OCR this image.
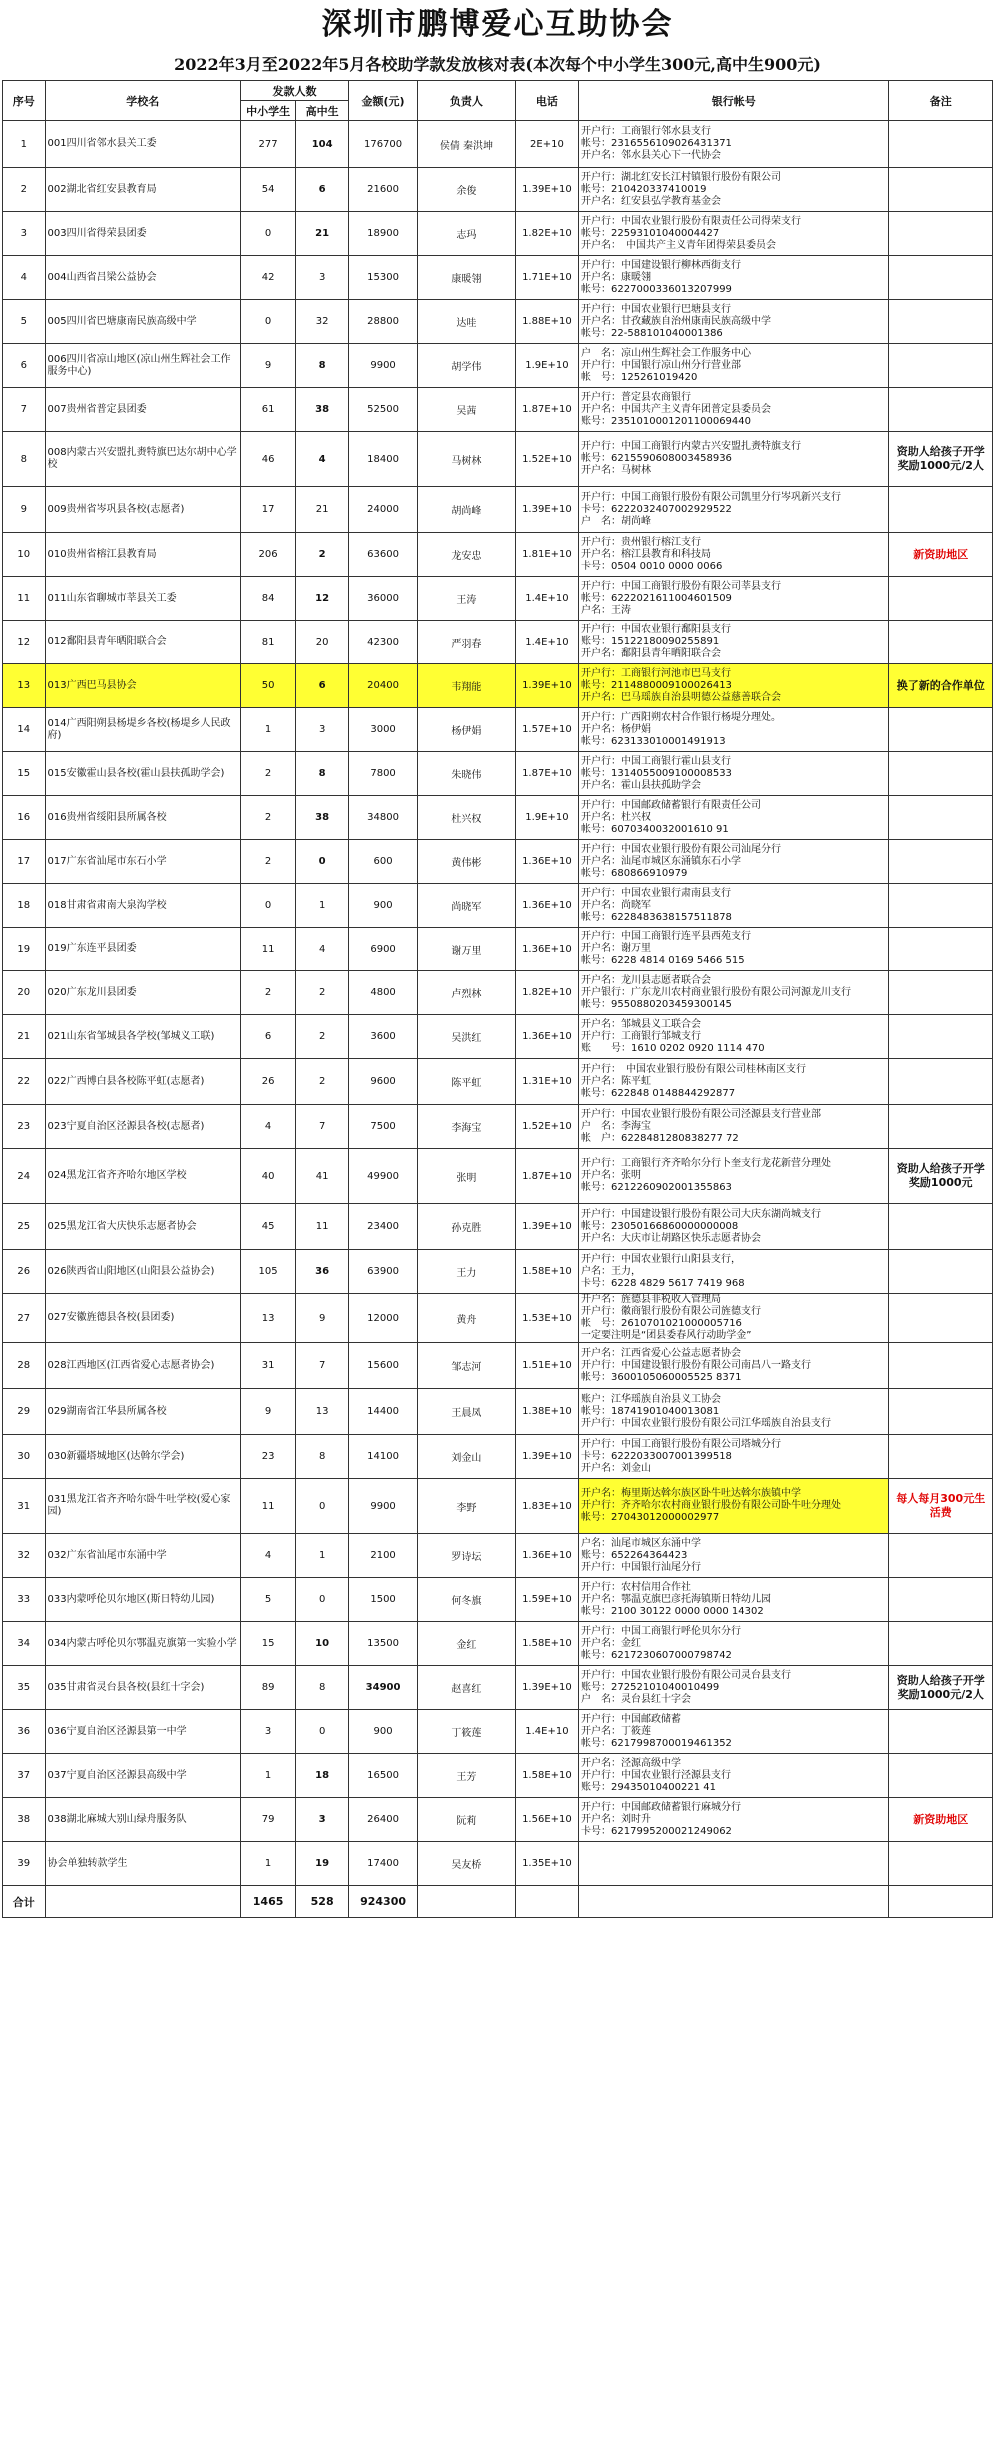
深圳市鹏博爱心互助协会
2022年3月至2022年5月各校助学款发放核对表(本次每个中小学生300元,高中生900元)
序号	学校名	发款人数		金额(元)	负责人	电话	银行帐号	备注
		中小学生	高中生					

1	001四川省邻水县关工委	277	104	176700	侯倩 秦洪坤	2E+10	开户行：工商银行邻水县支行
帐号：2316556109026431371
开户名：邻水县关心下一代协会	

2	002湖北省红安县教育局	54	6	21600	余俊	1.39E+10	开户行：湖北红安长江村镇银行股份有限公司
帐号：210420337410019
开户名：红安县弘学教育基金会	

3	003四川省得荣县团委	0	21	18900	志玛	1.82E+10	开户行：中国农业银行股份有限责任公司得荣支行
帐号：22593101040004427
开户名：　中国共产主义青年团得荣县委员会	

4	004山西省吕梁公益协会	42	3	15300	康暖翎	1.71E+10	开户行：中国建设银行柳林西街支行
开户名：康暖翎
帐号：6227000336013207999	

5	005四川省巴塘康南民族高级中学	0	32	28800	达哇	1.88E+10	开户行：中国农业银行巴塘县支行
开户名：甘孜藏族自治州康南民族高级中学
帐号：22-588101040001386	

6	006四川省凉山地区(凉山州生辉社会工作服务中心)	9	8	9900	胡学伟	1.9E+10	户　名：凉山州生辉社会工作服务中心
开户行：中国银行凉山州分行营业部
帐　号：125261019420	

7	007贵州省普定县团委	61	38	52500	吴茜	1.87E+10	开户行：普定县农商银行
开户名：中国共产主义青年团普定县委员会
账号：2351010001201100069440	

8	008内蒙古兴安盟扎赉特旗巴达尔胡中心学校	46	4	18400	马树林	1.52E+10	开户行：中国工商银行内蒙古兴安盟扎赉特旗支行
帐号：6215590608003458936
开户名：马树林	资助人给孩子开学奖励1000元/2人

9	009贵州省岑巩县各校(志愿者)	17	21	24000	胡尚峰	1.39E+10	开户行：中国工商银行股份有限公司凯里分行岑巩新兴支行
卡号：6222032407002929522
户　名：胡尚峰	

10	010贵州省榕江县教育局	206	2	63600	龙安忠	1.81E+10	开户行：贵州银行榕江支行
开户名：榕江县教育和科技局
卡号：0504 0010 0000 0066	新资助地区

11	011山东省聊城市莘县关工委	84	12	36000	王涛	1.4E+10	开户行：中国工商银行股份有限公司莘县支行
帐号：6222021611004601509
户名：王涛	

12	012鄱阳县青年晒阳联合会	81	20	42300	严羽春	1.4E+10	开户行：中国农业银行鄱阳县支行
账号：15122180090255891
开户名：鄱阳县青年晒阳联合会	

13	013广西巴马县协会	50	6	20400	韦翔能	1.39E+10	开户行：工商银行河池市巴马支行
帐号：2114880009100026413
开户名：巴马瑶族自治县明德公益慈善联合会	换了新的合作单位

14	014广西阳朔县杨堤乡各校(杨堤乡人民政府)	1	3	3000	杨伊娟	1.57E+10	开户行：广西阳朔农村合作银行杨堤分理处。
开户名：杨伊娟
帐号：623133010001491913	

15	015安徽霍山县各校(霍山县扶孤助学会)	2	8	7800	朱晓伟	1.87E+10	开户行：中国工商银行霍山县支行
帐号：1314055009100008533
开户名：霍山县扶孤助学会	

16	016贵州省绥阳县所属各校	2	38	34800	杜兴权	1.9E+10	开户行：中国邮政储蓄银行有限责任公司
开户名：杜兴权
帐号：6070340032001610 91	

17	017广东省汕尾市东石小学	2	0	600	黄伟彬	1.36E+10	开户行：中国农业银行股份有限公司汕尾分行
开户名：汕尾市城区东涌镇东石小学
帐号：680866910979	

18	018甘肃省肃南大泉沟学校	0	1	900	尚晓军	1.36E+10	开户行：中国农业银行肃南县支行
开户名：尚晓军
帐号：6228483638157511878	

19	019广东连平县团委	11	4	6900	谢万里	1.36E+10	开户行：中国工商银行连平县西苑支行
开户名：谢万里
帐号：6228 4814 0169 5466 515	

20	020广东龙川县团委	2	2	4800	卢烈林	1.82E+10	开户名：龙川县志愿者联合会
开户银行：广东龙川农村商业银行股份有限公司河源龙川支行
帐号：9550880203459300145	

21	021山东省邹城县各学校(邹城义工联)	6	2	3600	吴洪红	1.36E+10	开户名：邹城县义工联合会
开户行：工商银行邹城支行
账　　号：1610 0202 0920 1114 470	

22	022广西博白县各校陈平虹(志愿者)	26	2	9600	陈平虹	1.31E+10	开户行：　中国农业银行股份有限公司桂林南区支行
开户名：陈平虹
帐号：622848 0148844292877	

23	023宁夏自治区泾源县各校(志愿者)	4	7	7500	李海宝	1.52E+10	开户行：中国农业银行股份有限公司泾源县支行营业部
户　名：李海宝
帐　户：6228481280838277 72	

24	024黑龙江省齐齐哈尔地区学校	40	41	49900	张明	1.87E+10	开户行：工商银行齐齐哈尔分行卜奎支行龙花新营分理处
开户名：张明
帐号：6212260902001355863	资助人给孩子开学奖励1000元

25	025黑龙江省大庆快乐志愿者协会	45	11	23400	孙克胜	1.39E+10	开户行：中国建设银行股份有限公司大庆东湖尚城支行
帐号：23050166860000000008
开户名：大庆市让胡路区快乐志愿者协会	

26	026陕西省山阳地区(山阳县公益协会)	105	36	63900	王力	1.58E+10	开户行：中国农业银行山阳县支行，
户名：王力，
卡号：6228 4829 5617 7419 968	

27	027安徽旌德县各校(县团委)	13	9	12000	黄舟	1.53E+10	开户名：旌德县非税收入管理局
开户行：徽商银行股份有限公司旌德支行
帐　号：2610701021000005716
一定要注明是“团县委春风行动助学金”	

28	028江西地区(江西省爱心志愿者协会)	31	7	15600	邹志河	1.51E+10	开户名：江西省爱心公益志愿者协会
开户行：中国建设银行股份有限公司南昌八一路支行
帐号：3600105060005525 8371	

29	029湖南省江华县所属各校	9	13	14400	王晨凤	1.38E+10	账户：江华瑶族自治县义工协会
帐号：18741901040013081
开户行：中国农业银行股份有限公司江华瑶族自治县支行	

30	030新疆塔城地区(达斡尔学会)	23	8	14100	刘金山	1.39E+10	开户行：中国工商银行股份有限公司塔城分行
卡号：6222033007001399518
开户名：刘金山	

31	031黑龙江省齐齐哈尔卧牛吐学校(爱心家园)	11	0	9900	李野	1.83E+10	开户名：梅里斯达斡尔族区卧牛吐达斡尔族镇中学
开户行：齐齐哈尔农村商业银行股份有限公司卧牛吐分理处
帐号：27043012000002977	每人每月300元生活费

32	032广东省汕尾市东涌中学	4	1	2100	罗诗坛	1.36E+10	户名：汕尾市城区东涌中学
账号：652264364423
开户行：中国银行汕尾分行	

33	033内蒙呼伦贝尔地区(斯日特幼儿园)	5	0	1500	何冬旗	1.59E+10	开户行：农村信用合作社
开户名：鄂温克旗巴彦托海镇斯日特幼儿园
帐号：2100 30122 0000 0000 14302	

34	034内蒙古呼伦贝尔鄂温克旗第一实验小学	15	10	13500	金红	1.58E+10	开户行：中国工商银行呼伦贝尔分行
开户名：金红
帐号：6217230607000798742	

35	035甘肃省灵台县各校(县红十字会)	89	8	34900	赵喜红	1.39E+10	开户行：中国农业银行股份有限公司灵台县支行
账号：27252101040010499
户　名：灵台县红十字会	资助人给孩子开学奖励1000元/2人

36	036宁夏自治区泾源县第一中学	3	0	900	丁筱莲	1.4E+10	开户行：中国邮政储蓄
开户名：丁筱莲
帐号：6217998700019461352	

37	037宁夏自治区泾源县高级中学	1	18	16500	王芳	1.58E+10	开户名：泾源高级中学
开户行：中国农业银行泾源县支行
账号：29435010400221 41	

38	038湖北麻城大别山绿舟服务队	79	3	26400	阮莉	1.56E+10	开户行：中国邮政储蓄银行麻城分行
开户名：刘时升
卡号：6217995200021249062	新资助地区

39	协会单独转款学生	1	19	17400	吴友桥	1.35E+10		

合计		1465	528	924300				
